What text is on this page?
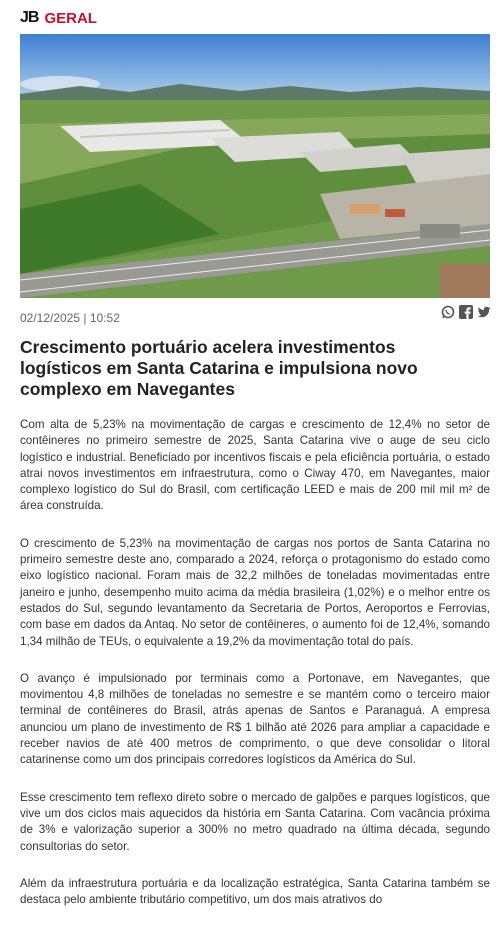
JB GERAL
02/12/2025 | 10:52
Crescimento portuário acelera investimentos logísticos em Santa Catarina e impulsiona novo complexo em Navegantes

Com alta de 5,23% na movimentação de cargas e crescimento de 12,4% no setor de contêineres no primeiro semestre de 2025, Santa Catarina vive o auge de seu ciclo logístico e industrial. Beneficiado por incentivos fiscais e pela eficiência portuária, o estado atrai novos investimentos em infraestrutura, como o Ciway 470, em Navegantes, maior complexo logístico do Sul do Brasil, com certificação LEED e mais de 200 mil mil m² de área construída.

O crescimento de 5,23% na movimentação de cargas nos portos de Santa Catarina no primeiro semestre deste ano, comparado a 2024, reforça o protagonismo do estado como eixo logístico nacional. Foram mais de 32,2 milhões de toneladas movimentadas entre janeiro e junho, desempenho muito acima da média brasileira (1,02%) e o melhor entre os estados do Sul, segundo levantamento da Secretaria de Portos, Aeroportos e Ferrovias, com base em dados da Antaq. No setor de contêineres, o aumento foi de 12,4%, somando 1,34 milhão de TEUs, o equivalente a 19,2% da movimentação total do país.

O avanço é impulsionado por terminais como a Portonave, em Navegantes, que movimentou 4,8 milhões de toneladas no semestre e se mantém como o terceiro maior terminal de contêineres do Brasil, atrás apenas de Santos e Paranaguá. A empresa anunciou um plano de investimento de R$ 1 bilhão até 2026 para ampliar a capacidade e receber navios de até 400 metros de comprimento, o que deve consolidar o litoral catarinense como um dos principais corredores logísticos da América do Sul.

Esse crescimento tem reflexo direto sobre o mercado de galpões e parques logísticos, que vive um dos ciclos mais aquecidos da história em Santa Catarina. Com vacância próxima de 3% e valorização superior a 300% no metro quadrado na última década, segundo consultorias do setor.

Além da infraestrutura portuária e da localização estratégica, Santa Catarina também se destaca pelo ambiente tributário competitivo, um dos mais atrativos do
